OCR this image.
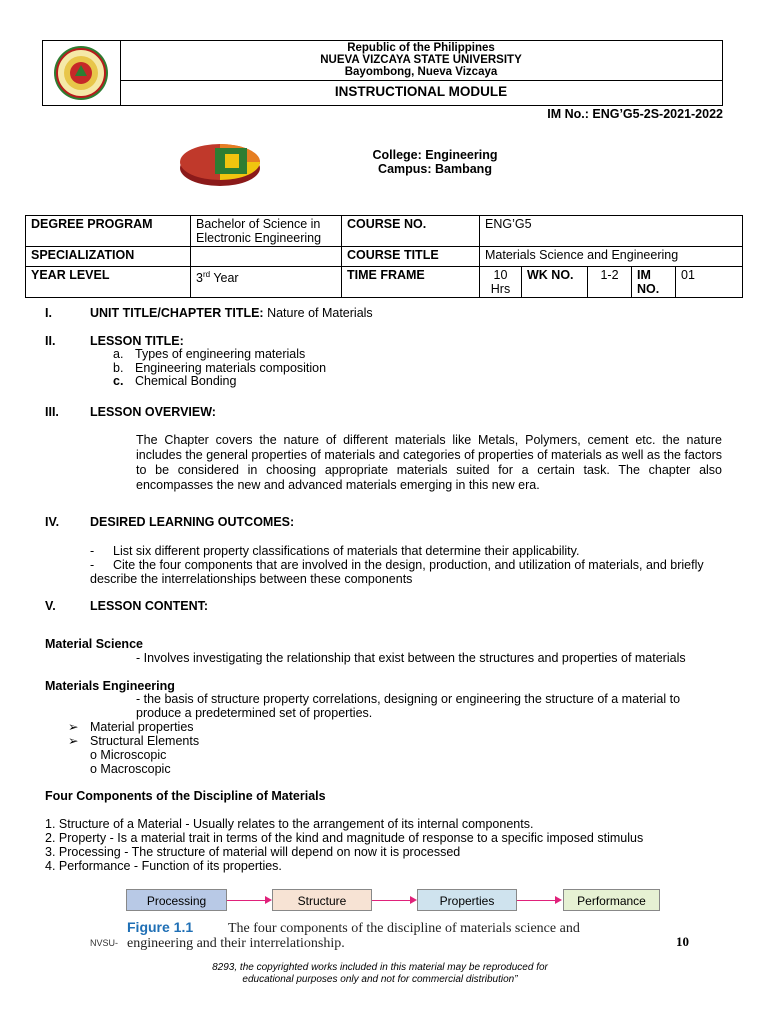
Republic of the Philippines
NUEVA VIZCAYA STATE UNIVERSITY
Bayombong, Nueva Vizcaya
INSTRUCTIONAL MODULE
IM No.: ENG’G5-2S-2021-2022
College: Engineering
Campus: Bambang
DEGREE PROGRAM	Bachelor of Science in Electronic Engineering	COURSE NO.	ENG’G5				
SPECIALIZATION		COURSE TITLE	Materials Science and Engineering				
YEAR LEVEL	3rd Year	TIME FRAME	10 Hrs	WK NO.	1-2	IM NO.	01
I.	UNIT TITLE/CHAPTER TITLE: Nature of Materials
II.	LESSON TITLE:
a. Types of engineering materials
b. Engineering materials composition
c. Chemical Bonding
III. LESSON OVERVIEW:
The Chapter covers the nature of different materials like Metals, Polymers, cement etc. the nature includes the general properties of materials and categories of properties of materials as well as the factors to be considered in choosing appropriate materials suited for a certain task. The chapter also encompasses the new and advanced materials emerging in this new era.
IV. DESIRED LEARNING OUTCOMES:
- List six different property classifications of materials that determine their applicability.
- Cite the four components that are involved in the design, production, and utilization of materials, and briefly describe the interrelationships between these components
V.	LESSON CONTENT:
Material Science
- Involves investigating the relationship that exist between the structures and properties of materials
Materials Engineering
- the basis of structure property correlations, designing or engineering the structure of a material to produce a predetermined set of properties.
➢ Material properties
➢ Structural Elements
o Microscopic
o Macroscopic
Four Components of the Discipline of Materials
1. Structure of a Material - Usually relates to the arrangement of its internal components.
2. Property - Is a material trait in terms of the kind and magnitude of response to a specific imposed stimulus
3. Processing - The structure of material will depend on now it is processed
4. Performance - Function of its properties.
Processing	Structure	Properties	Performance
Figure 1.1 The four components of the discipline of materials science and
engineering and their interrelationship.
NVSU-	10
8293, the copyrighted works included in this material may be reproduced for
educational purposes only and not for commercial distribution”
